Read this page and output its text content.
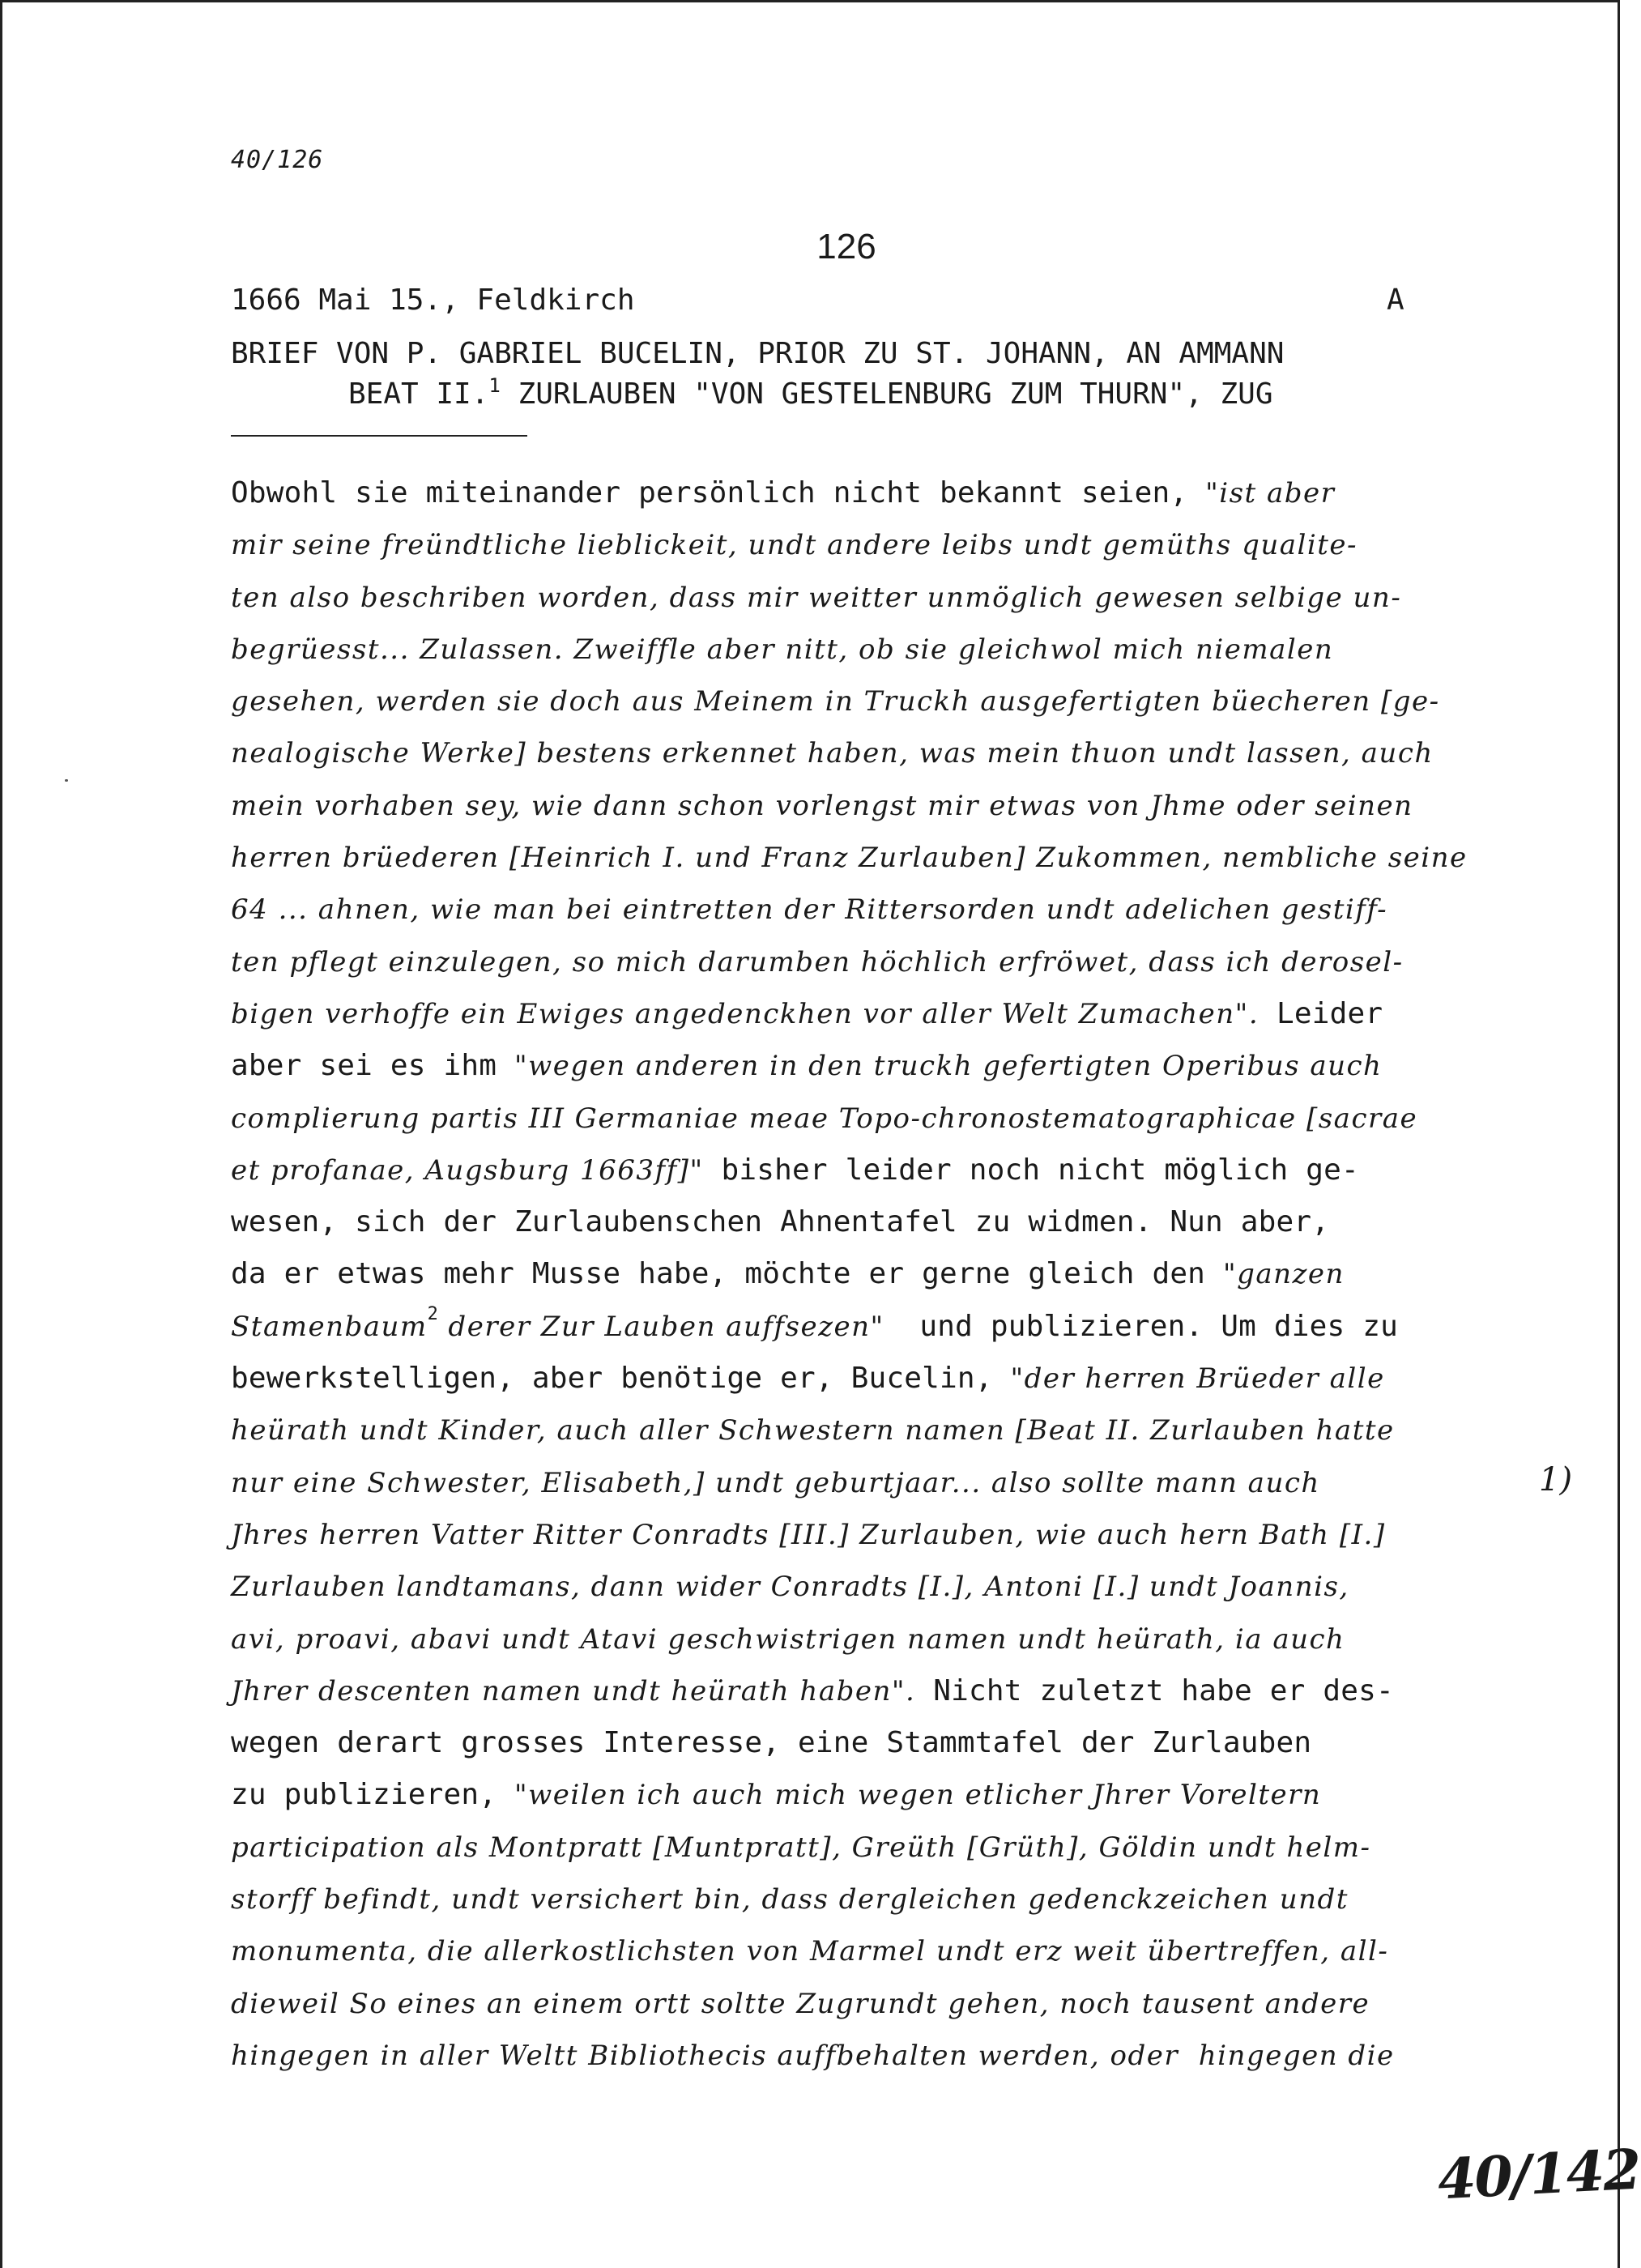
40/126
126
1666 Mai 15., Feldkirch	A
BRIEF VON P. GABRIEL BUCELIN, PRIOR ZU ST. JOHANN, AN AMMANN
BEAT II.$^1$ ZURLAUBEN "VON GESTELENBURG ZUM THURN", ZUG
Obwohl sie miteinander persönlich nicht bekannt seien, "ist aber
mir seine freündtliche lieblickeit, undt andere leibs undt gemüths qualite-
ten also beschriben worden, dass mir weitter unmöglich gewesen selbige un-
begrüesst... Zulassen. Zweiffle aber nitt, ob sie gleichwol mich niemalen
gesehen, werden sie doch aus Meinem in Truckh ausgefertigten büecheren [ge-
nealogische Werke] bestens erkennet haben, was mein thuon undt lassen, auch
mein vorhaben sey, wie dann schon vorlengst mir etwas von Jhme oder seinen
herren brüederen [Heinrich I. und Franz Zurlauben] Zukommen, nembliche seine
64 ... ahnen, wie man bei eintretten der Rittersorden undt adelichen gestiff-
ten pflegt einzulegen, so mich darumben höchlich erfröwet, dass ich derosel-
bigen verhoffe ein Ewiges angedenckhen vor aller Welt Zumachen". Leider
aber sei es ihm "wegen anderen in den truckh gefertigten Operibus auch
complierung partis III Germaniae meae Topo-chronostematographicae [sacrae
et profanae, Augsburg 1663ff]" bisher leider noch nicht möglich ge-
wesen, sich der Zurlaubenschen Ahnentafel zu widmen. Nun aber,
da er etwas mehr Musse habe, möchte er gerne gleich den "ganzen
Stamenbaum$^2$ derer Zur Lauben auffsezen"  und publizieren. Um dies zu
bewerkstelligen, aber benötige er, Bucelin, "der herren Brüeder alle
heürath undt Kinder, auch aller Schwestern namen [Beat II. Zurlauben hatte
nur eine Schwester, Elisabeth,] undt geburtjaar... also sollte mann auch
Jhres herren Vatter Ritter Conradts [III.] Zurlauben, wie auch hern Bath [I.]
Zurlauben landtamans, dann wider Conradts [I.], Antoni [I.] undt Joannis,
avi, proavi, abavi undt Atavi geschwistrigen namen undt heürath, ia auch
Jhrer descenten namen undt heürath haben". Nicht zuletzt habe er des-
wegen derart grosses Interesse, eine Stammtafel der Zurlauben
zu publizieren, "weilen ich auch mich wegen etlicher Jhrer Voreltern
participation als Montpratt [Muntpratt], Greüth [Grüth], Göldin undt helm-
storff befindt, undt versichert bin, dass dergleichen gedenckzeichen undt
monumenta, die allerkostlichsten von Marmel undt erz weit übertreffen, all-
dieweil So eines an einem ortt soltte Zugrundt gehen, noch tausent andere
hingegen in aller Weltt Bibliothecis auffbehalten werden, oder  hingegen die
1)
40/142
